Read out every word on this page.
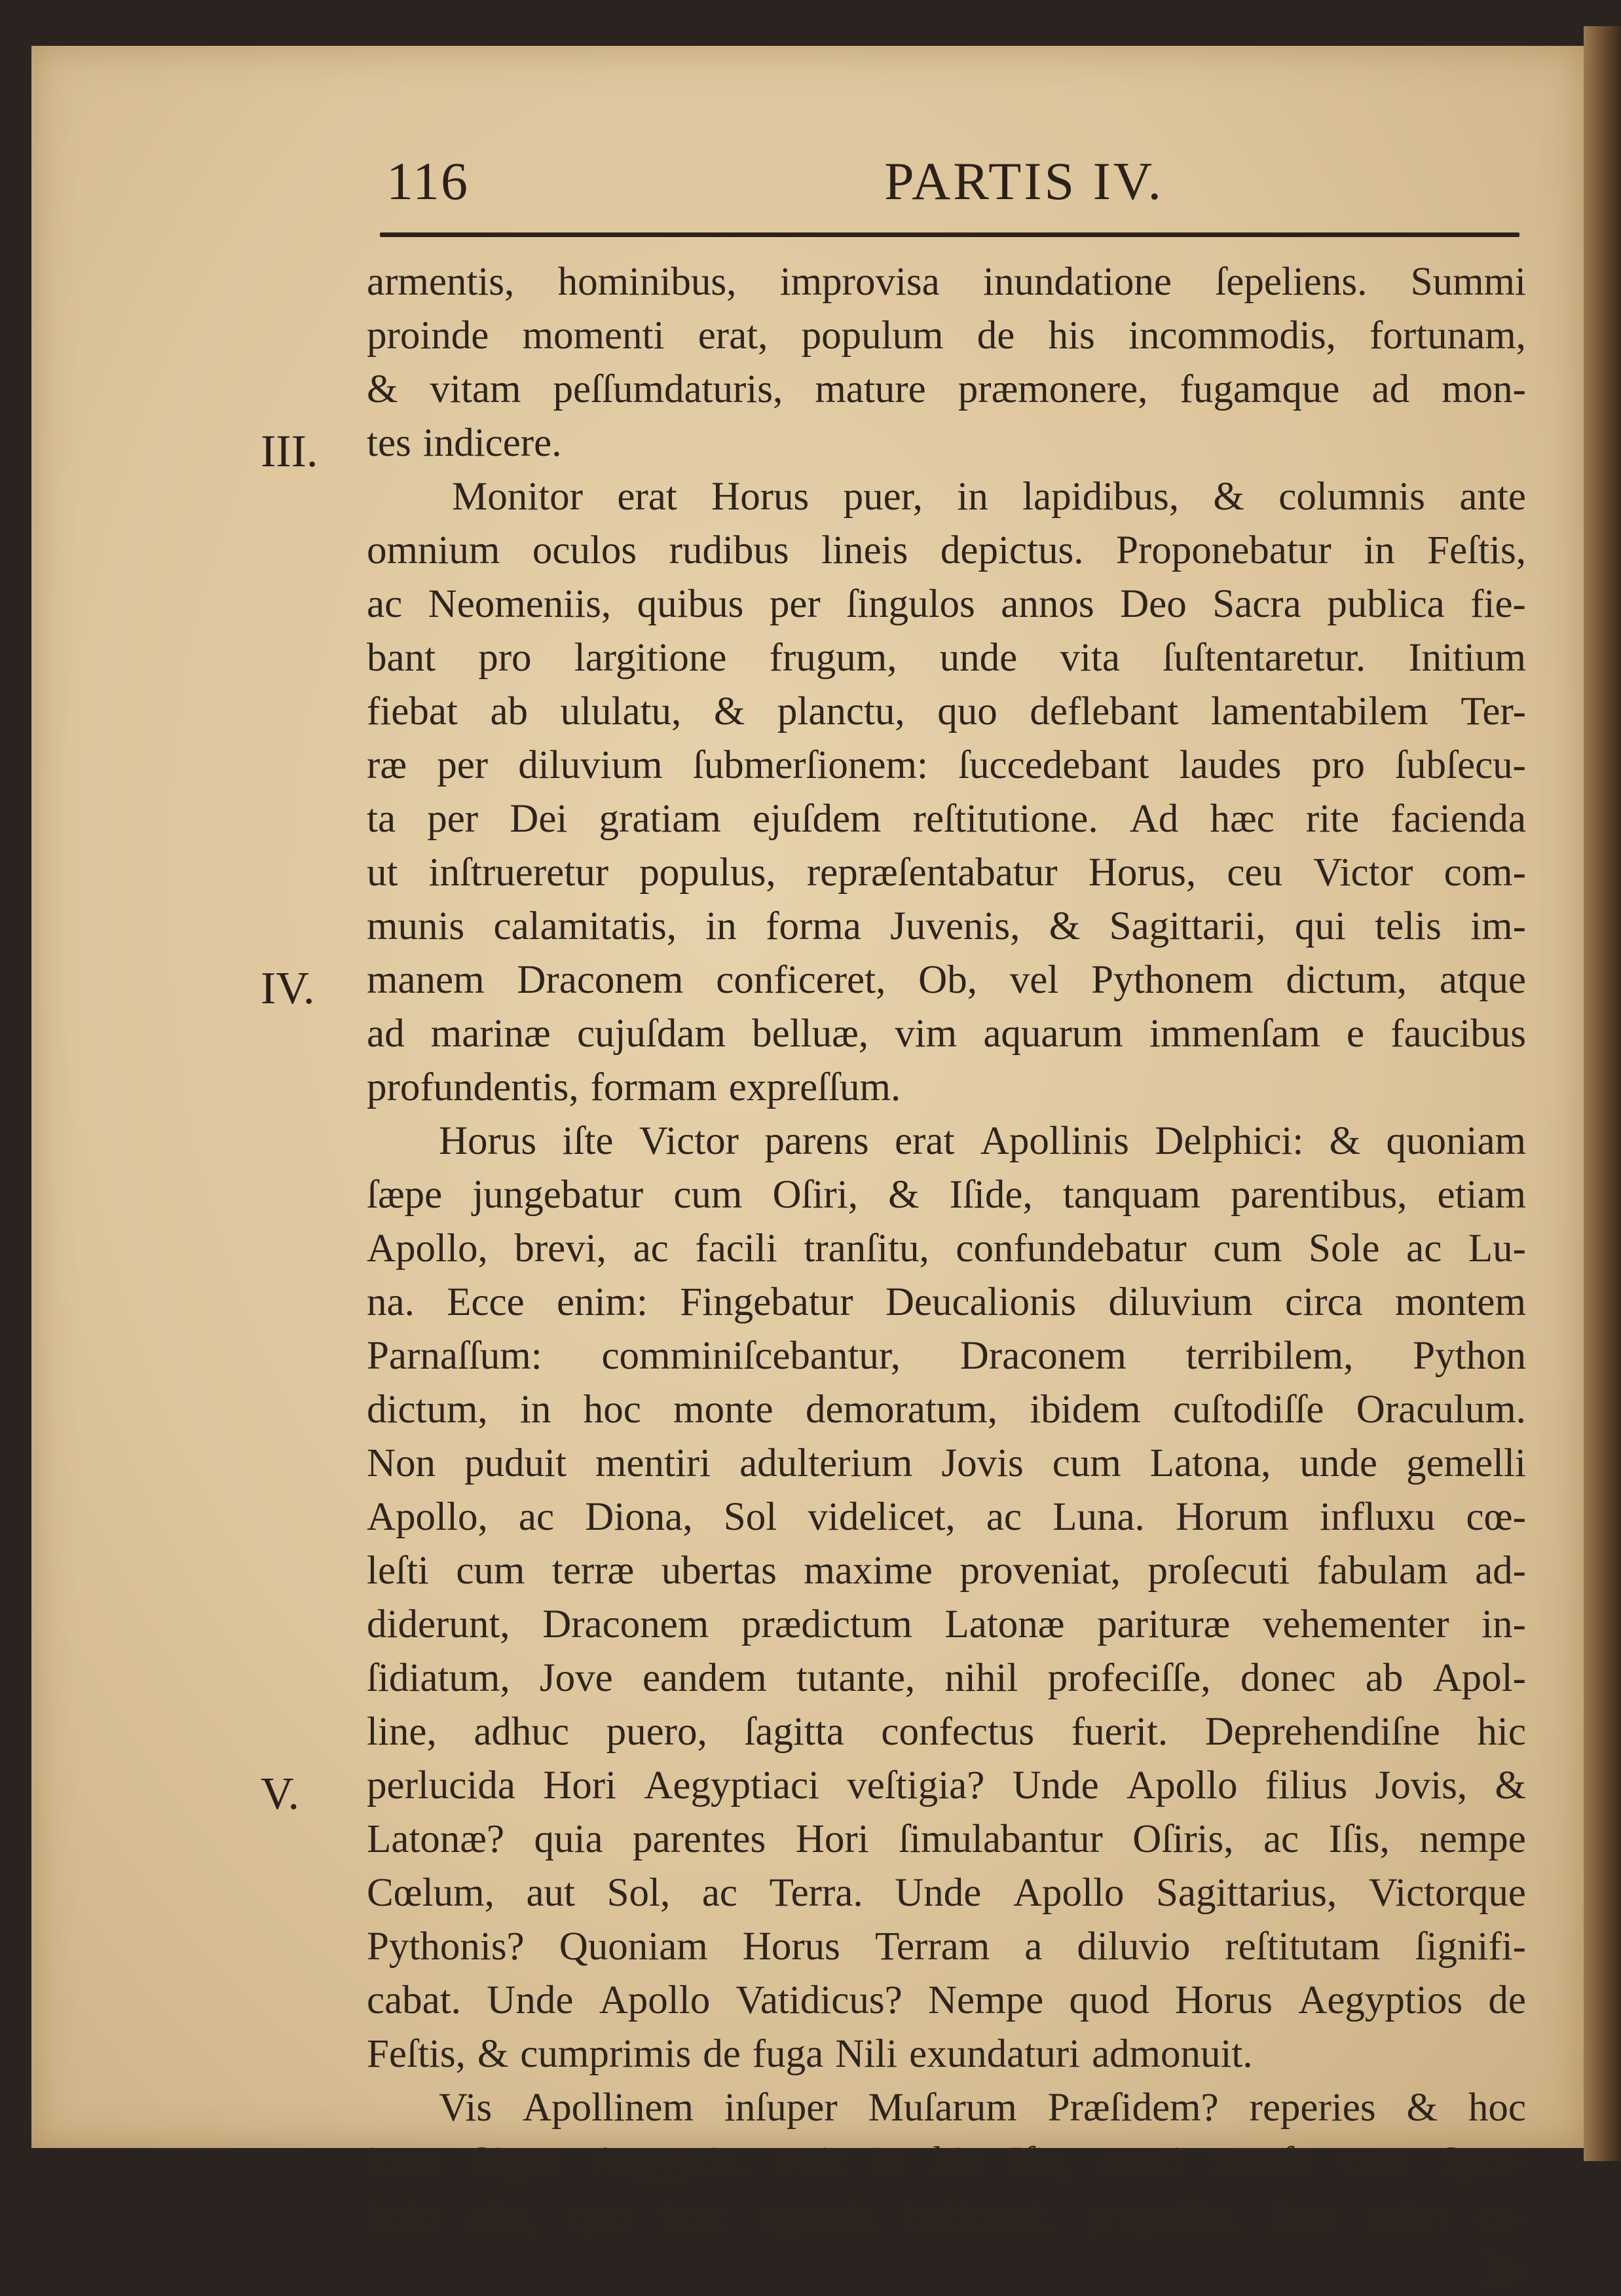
116	PARTIS IV.
III.
IV.
V.
armentis, hominibus, improvisa inundatione ſepeliens. Summi
proinde momenti erat, populum de his incommodis, fortunam,
& vitam peſſumdaturis, mature præmonere, fugamque ad mon-
tes indicere.
Monitor erat Horus puer, in lapidibus, & columnis ante
omnium oculos rudibus lineis depictus. Proponebatur in Feſtis,
ac Neomeniis, quibus per ſingulos annos Deo Sacra publica fie-
bant pro largitione frugum, unde vita ſuſtentaretur. Initium
fiebat ab ululatu, & planctu, quo deflebant lamentabilem Ter-
ræ per diluvium ſubmerſionem: ſuccedebant laudes pro ſubſecu-
ta per Dei gratiam ejuſdem reſtitutione. Ad hæc rite facienda
ut inſtrueretur populus, repræſentabatur Horus, ceu Victor com-
munis calamitatis, in forma Juvenis, & Sagittarii, qui telis im-
manem Draconem conficeret, Ob, vel Pythonem dictum, atque
ad marinæ cujuſdam belluæ, vim aquarum immenſam e faucibus
profundentis, formam expreſſum.
Horus iſte Victor parens erat Apollinis Delphici: & quoniam
ſæpe jungebatur cum Oſiri, & Iſide, tanquam parentibus, etiam
Apollo, brevi, ac facili tranſitu, confundebatur cum Sole ac Lu-
na. Ecce enim: Fingebatur Deucalionis diluvium circa montem
Parnaſſum: comminiſcebantur, Draconem terribilem, Python
dictum, in hoc monte demoratum, ibidem cuſtodiſſe Oraculum.
Non puduit mentiri adulterium Jovis cum Latona, unde gemelli
Apollo, ac Diona, Sol videlicet, ac Luna. Horum influxu cœ-
leſti cum terræ ubertas maxime proveniat, proſecuti fabulam ad-
diderunt, Draconem prædictum Latonæ parituræ vehementer in-
ſidiatum, Jove eandem tutante, nihil profeciſſe, donec ab Apol-
line, adhuc puero, ſagitta confectus fuerit. Deprehendiſne hic
perlucida Hori Aegyptiaci veſtigia? Unde Apollo filius Jovis, &
Latonæ? quia parentes Hori ſimulabantur Oſiris, ac Iſis, nempe
Cœlum, aut Sol, ac Terra. Unde Apollo Sagittarius, Victorque
Pythonis? Quoniam Horus Terram a diluvio reſtitutam ſignifi-
cabat. Unde Apollo Vatidicus? Nempe quod Horus Aegyptios de
Feſtis, & cumprimis de fuga Nili exundaturi admonuit.
Vis Apollinem inſuper Muſarum Præſidem? reperies & hoc
inter Signa Aegyptia. Fuit in his Iſis, omni menſe cum Sym-
bolo alio, quo tunc agenda indicaret, propoſita. Jam enim ca-
la-
